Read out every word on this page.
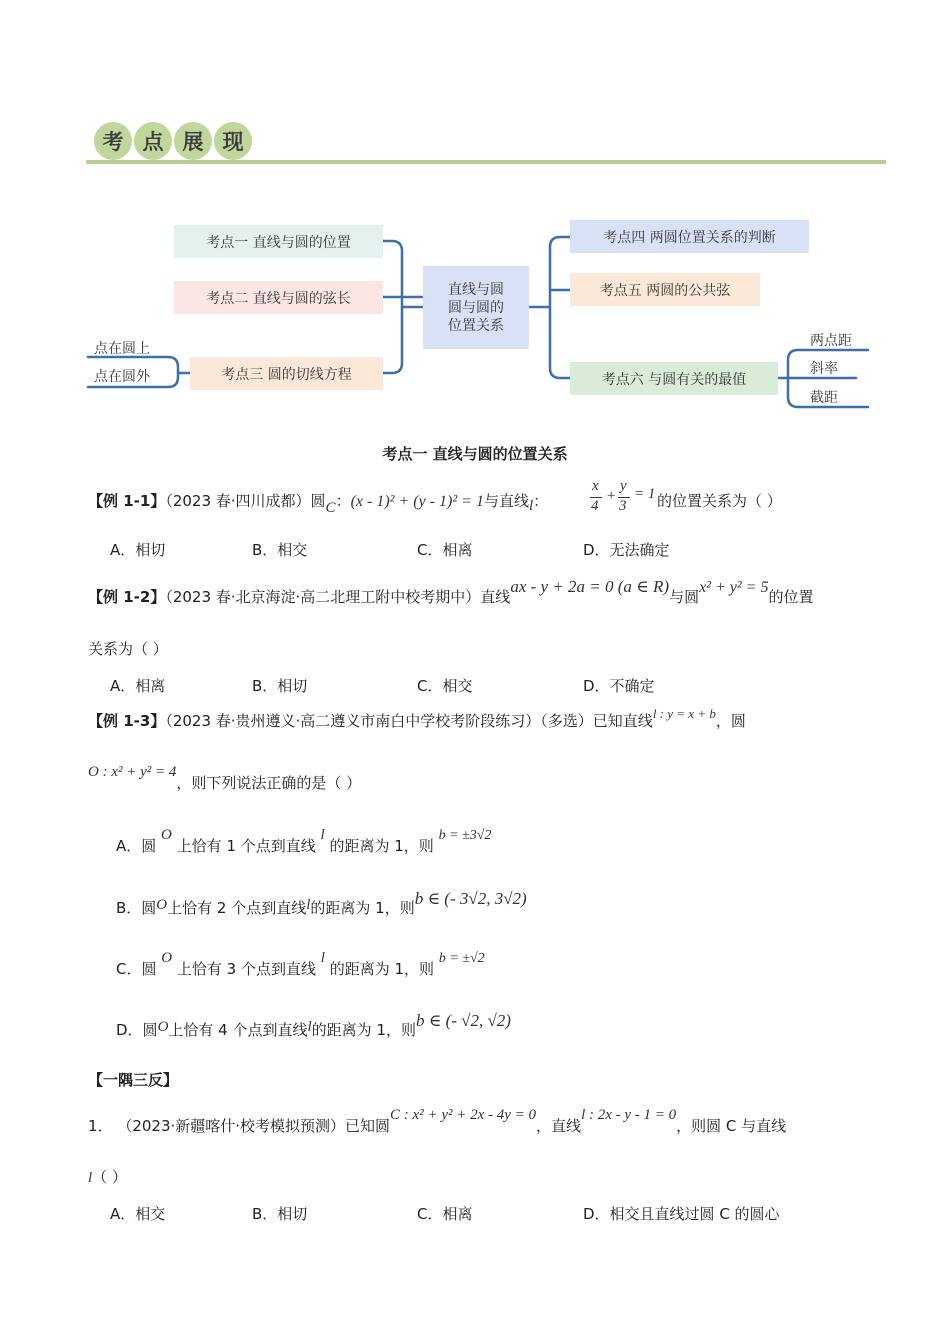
考 点 展 现
直线与圆
圆与圆的
位置关系
考点一 直线与圆的位置
考点二 直线与圆的弦长
考点三 圆的切线方程
点在圆上
点在圆外
考点四 两圆位置关系的判断
考点五 两圆的公共弦
考点六 与圆有关的最值
两点距
斜率
截距
考点一 直线与圆的位置关系
【例 1-1】（2023 春·四川成都）圆C：(x - 1)² + (y - 1)² = 1与直线l：
x
4
+
y
3
= 1 的位置关系为（ ）
A．相切	B．相交	C．相离	D．无法确定
【例 1-2】（2023 春·北京海淀·高二北理工附中校考期中）直线ax - y + 2a = 0 (a ∈ R)与圆x² + y² = 5的位置
关系为（ ）
A．相离	B．相切	C．相交	D．不确定
【例 1-3】（2023 春·贵州遵义·高二遵义市南白中学校考阶段练习）（多选）已知直线l : y = x + b，圆
O : x² + y² = 4，则下列说法正确的是（ ）
A．圆 O 上恰有 1 个点到直线 l 的距离为 1，则 b = ±3√2
B．圆O上恰有 2 个点到直线l的距离为 1，则b ∈ (- 3√2, 3√2)
C．圆 O 上恰有 3 个点到直线 l 的距离为 1，则 b = ±√2
D．圆O上恰有 4 个点到直线l的距离为 1，则b ∈ (- √2, √2)
【一隅三反】
1． （2023·新疆喀什·校考模拟预测）已知圆C : x² + y² + 2x - 4y = 0，直线l : 2x - y - 1 = 0，则圆 C 与直线
l（ ）
A．相交	B．相切	C．相离	D．相交且直线过圆 C 的圆心
